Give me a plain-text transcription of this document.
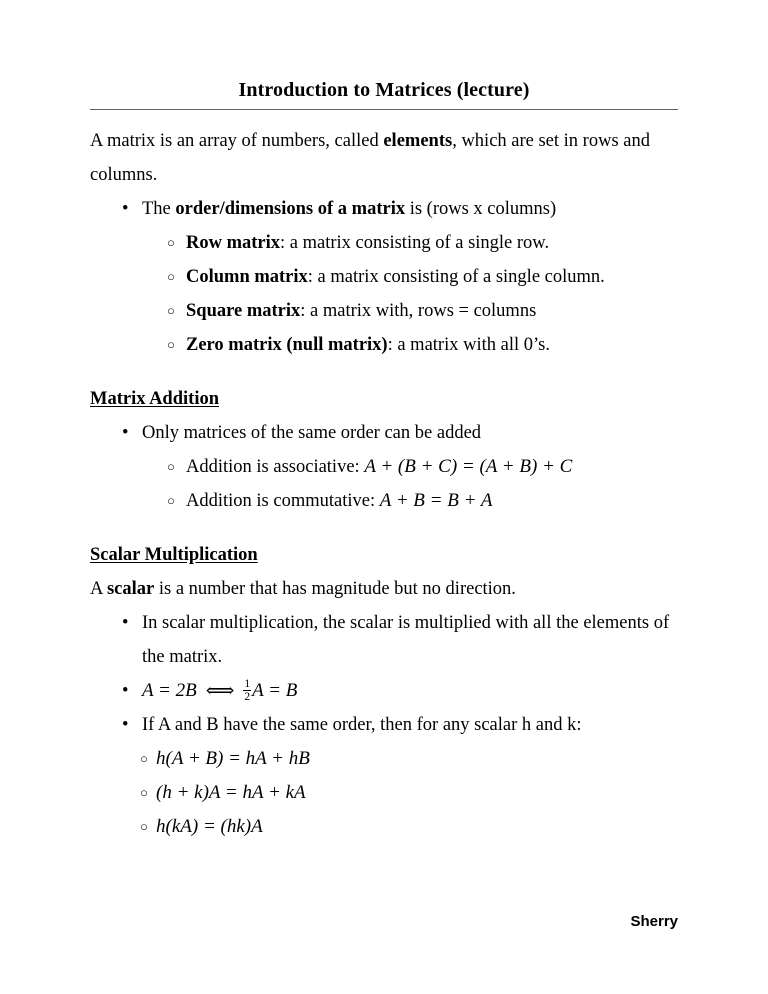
Introduction to Matrices (lecture)

A matrix is an array of numbers, called elements, which are set in rows and columns.

• The order/dimensions of a matrix is (rows x columns)
○ Row matrix: a matrix consisting of a single row.
○ Column matrix: a matrix consisting of a single column.
○ Square matrix: a matrix with, rows = columns
○ Zero matrix (null matrix): a matrix with all 0’s.
Matrix Addition
• Only matrices of the same order can be added
○ Addition is associative: A + (B + C) = (A + B) + C
○ Addition is commutative: A + B = B + A
Scalar Multiplication

A scalar is a number that has magnitude but no direction.

• In scalar multiplication, the scalar is multiplied with all the elements of the matrix.
• A = 2B ⟺ $\frac{1}{2}$ A = B
• If A and B have the same order, then for any scalar h and k:
○ h(A + B) = hA + hB
○ (h + k)A = hA + kA
○ h(kA) = (hk)A
Sherry
